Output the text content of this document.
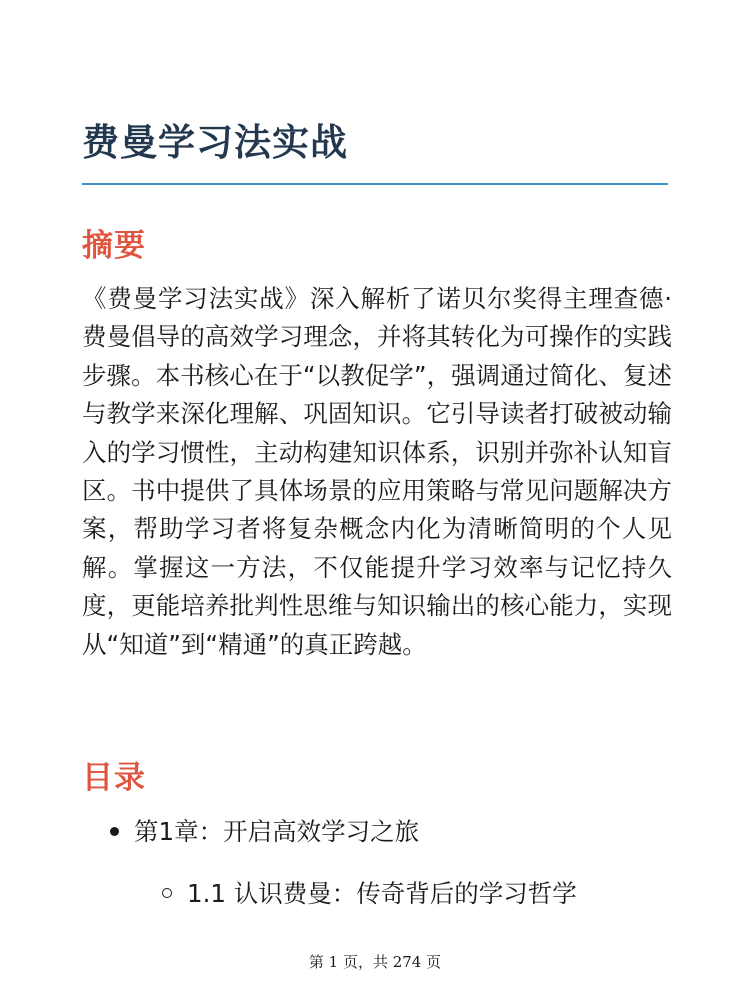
费曼学习法实战
摘要

《费曼学习法实战》深入解析了诺贝尔奖得主理查德·费曼倡导的高效学习理念，并将其转化为可操作的实践步骤。本书核心在于“以教促学”，强调通过简化、复述与教学来深化理解、巩固知识。它引导读者打破被动输入的学习惯性，主动构建知识体系，识别并弥补认知盲区。书中提供了具体场景的应用策略与常见问题解决方案，帮助学习者将复杂概念内化为清晰简明的个人见解。掌握这一方法，不仅能提升学习效率与记忆持久度，更能培养批判性思维与知识输出的核心能力，实现从“知道”到“精通”的真正跨越。

目录
第1章：开启高效学习之旅
1.1 认识费曼：传奇背后的学习哲学
第 1 页，共 274 页
